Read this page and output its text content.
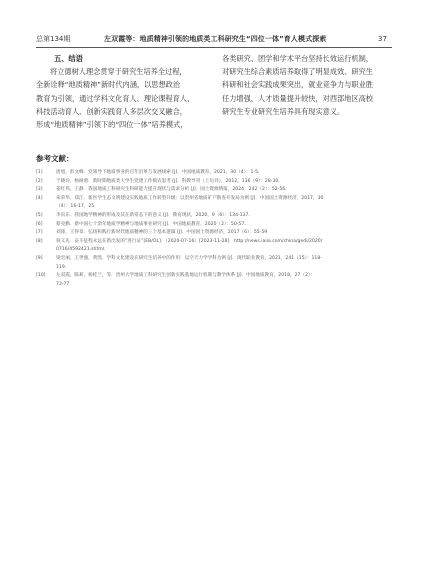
总第134期	左双霞等：地质精神引领的地质类工科研究生“四位一体”育人模式探索	37
五、结语
将立德树人理念贯穿于研究生培养全过程，
全新诠释“地质精神”新时代内涵，以思想政治
教育为引领，通过学科文化育人、理论课程育人、
科技活动育人、创新实践育人多层次交叉融合，
形成“地质精神”引领下的“四位一体”培养模式，
各类研究、团学和学术平台坚持长效运行机制，
对研究生综合素质培养取得了明显成效、研究生
科研和社会实践成果突出，就业竞争力与职业胜
任力增强，人才质量提升较快，对西部地区高校
研究生专业研究生培养具有现实意义。
参考文献：
[1]	唐旭，彭文峰．党领导下地质事业的百年沿革与发展线索 [J]．中国地质教育，2021，30（4）：1-5．
[2]	于晓玲，杨树蕾．新时期地质类大学生党建工作模式思考 [J]．科教导刊（上旬刊），2012，136（9）：28-30．
[3]	姜红伟，王静．我国地质工科研究生科研能力提升现状与需求分析 [J]．国土资源情报，2024，242（2）：52-56．
[4]	朱荣华，郑江．新医学生态文明建设实践地质工作转型升级：以贵州省地质矿产勘查开发局为例 [J]．中国国土资源经济，2017，30
（4）：16-17，25．
[5]	李向东．我国地学精神的形成及其在新常态下的意义 [J]．教育现状，2020，9（6）：134-137．
[6]	蔡克勤．新中国七十余年地质学精神与地质事业研究 [J]．中国地质教育，2020（2）：50-57．
[7]	刘锋，王得章．弘扬和践行新时代地质精神的三个基本逻辑 [J]．中国国土资源经济，2017（6）：55-59
[8]	叙义先．奋斗征程永远在新出发的“进行证”[EB/OL]．（2020-07-16）[2023-11-28]．http://news.iaiia.com/china/gedi/2020/
0716/4592421.shtml．
[9]	梁宏丽，王世强，黄凯．学科文化建设在研究生培养中的作用：以空天力学学科为例 [J]．现代职业教育，2021，241（15）：118-
119．
[10] 左双霞，陈莉，杨桂兰，等．贵州大学地质工科研究生创新实践基地运行机制与教学体系 [J]．中国地质教育，2018，27（2）：
73-77．
